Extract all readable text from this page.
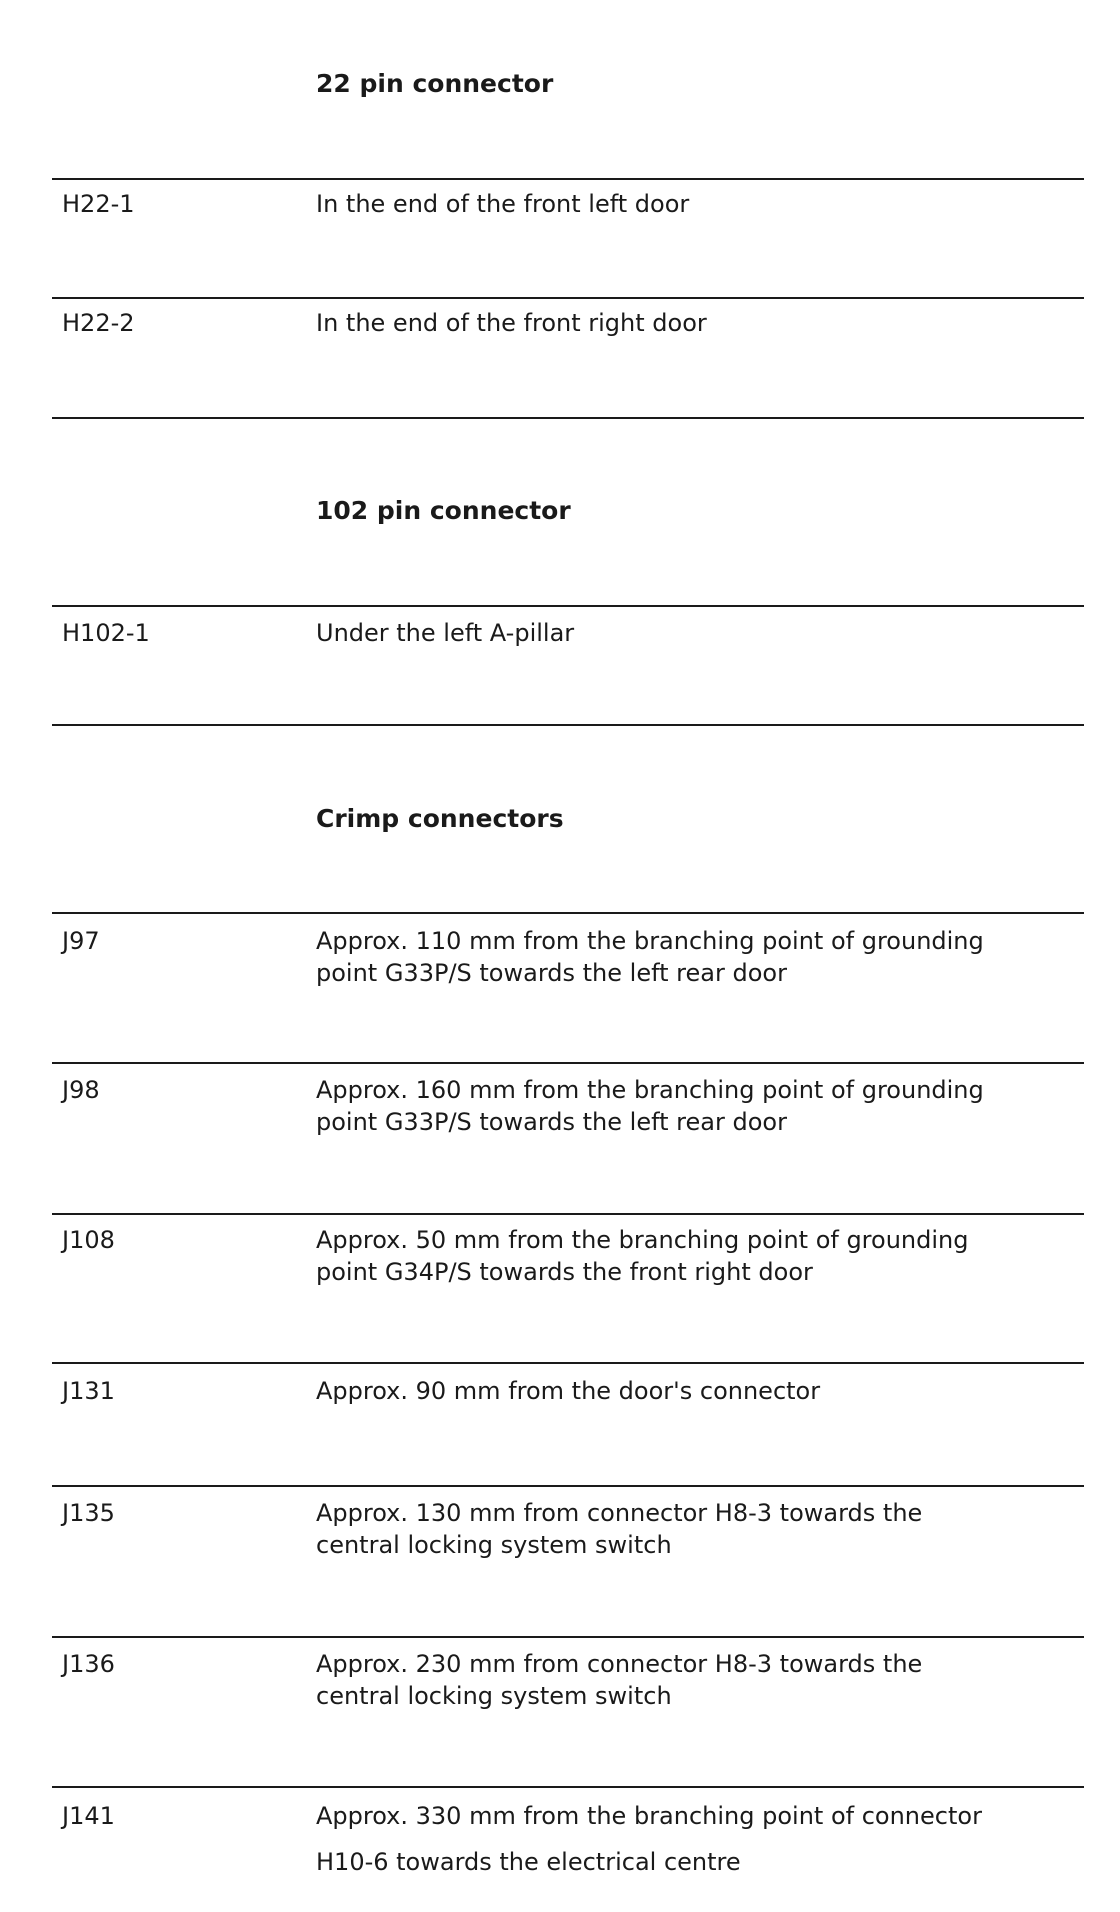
22 pin connector
H22-1	In the end of the front left door
H22-2	In the end of the front right door
102 pin connector
H102-1	Under the left A-pillar
Crimp connectors
J97	Approx. 110 mm from the branching point of grounding
point G33P/S towards the left rear door
J98	Approx. 160 mm from the branching point of grounding
point G33P/S towards the left rear door
J108	Approx. 50 mm from the branching point of grounding
point G34P/S towards the front right door
J131	Approx. 90 mm from the door's connector
J135	Approx. 130 mm from connector H8-3 towards the
central locking system switch
J136	Approx. 230 mm from connector H8-3 towards the
central locking system switch
J141	Approx. 330 mm from the branching point of connector
H10-6 towards the electrical centre
